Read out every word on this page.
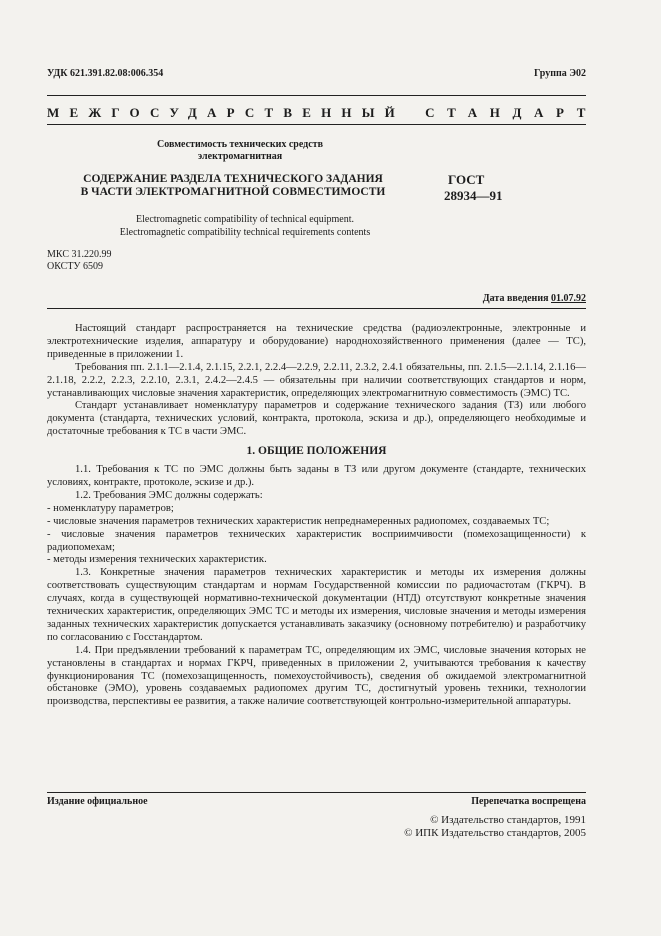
УДК 621.391.82.08:006.354	Группа Э02
МЕЖГОСУДАРСТВЕННЫЙ СТАНДАРТ
Совместимость технических средств
электромагнитная
СОДЕРЖАНИЕ РАЗДЕЛА ТЕХНИЧЕСКОГО ЗАДАНИЯ
В ЧАСТИ ЭЛЕКТРОМАГНИТНОЙ СОВМЕСТИМОСТИ
ГОСТ
28934—91
Electromagnetic compatibility of technical equipment.
Electromagnetic compatibility technical requirements contents
МКС 31.220.99
ОКСТУ 6509
Дата введения 01.07.92

Настоящий стандарт распространяется на технические средства (радиоэлектронные, электронные и электротехнические изделия, аппаратуру и оборудование) народнохозяйственного применения (далее — ТС), приведенные в приложении 1.

Требования пп. 2.1.1—2.1.4, 2.1.15, 2.2.1, 2.2.4—2.2.9, 2.2.11, 2.3.2, 2.4.1 обязательны, пп. 2.1.5—2.1.14, 2.1.16—2.1.18, 2.2.2, 2.2.3, 2.2.10, 2.3.1, 2.4.2—2.4.5 — обязательны при наличии соответствующих стандартов и норм, устанавливающих числовые значения характеристик, определяющих электромагнитную совместимость (ЭМС) ТС.

Стандарт устанавливает номенклатуру параметров и содержание технического задания (ТЗ) или любого документа (стандарта, технических условий, контракта, протокола, эскиза и др.), определяющего необходимые и достаточные требования к ТС в части ЭМС.

1. ОБЩИЕ ПОЛОЖЕНИЯ

1.1. Требования к ТС по ЭМС должны быть заданы в ТЗ или другом документе (стандарте, технических условиях, контракте, протоколе, эскизе и др.).

1.2. Требования ЭМС должны содержать:

- номенклатуру параметров;

- числовые значения параметров технических характеристик непреднамеренных радиопомех, создаваемых ТС;

- числовые значения параметров технических характеристик восприимчивости (помехозащищенности) к радиопомехам;

- методы измерения технических характеристик.

1.3. Конкретные значения параметров технических характеристик и методы их измерения должны соответствовать существующим стандартам и нормам Государственной комиссии по радиочастотам (ГКРЧ). В случаях, когда в существующей нормативно-технической документации (НТД) отсутствуют конкретные значения технических характеристик, определяющих ЭМС ТС и методы их измерения, числовые значения и методы измерения заданных технических характеристик допускается устанавливать заказчику (основному потребителю) и разработчику по согласованию с Госстандартом.

1.4. При предъявлении требований к параметрам ТС, определяющим их ЭМС, числовые значения которых не установлены в стандартах и нормах ГКРЧ, приведенных в приложении 2, учитываются требования к качеству функционирования ТС (помехозащищенность, помехоустойчивость), сведения об ожидаемой электромагнитной обстановке (ЭМО), уровень создаваемых радиопомех другим ТС, достигнутый уровень техники, технологии производства, перспективы ее развития, а также наличие соответствующей контрольно-измерительной аппаратуры.

Издание официальное	Перепечатка воспрещена
© Издательство стандартов, 1991
© ИПК Издательство стандартов, 2005
